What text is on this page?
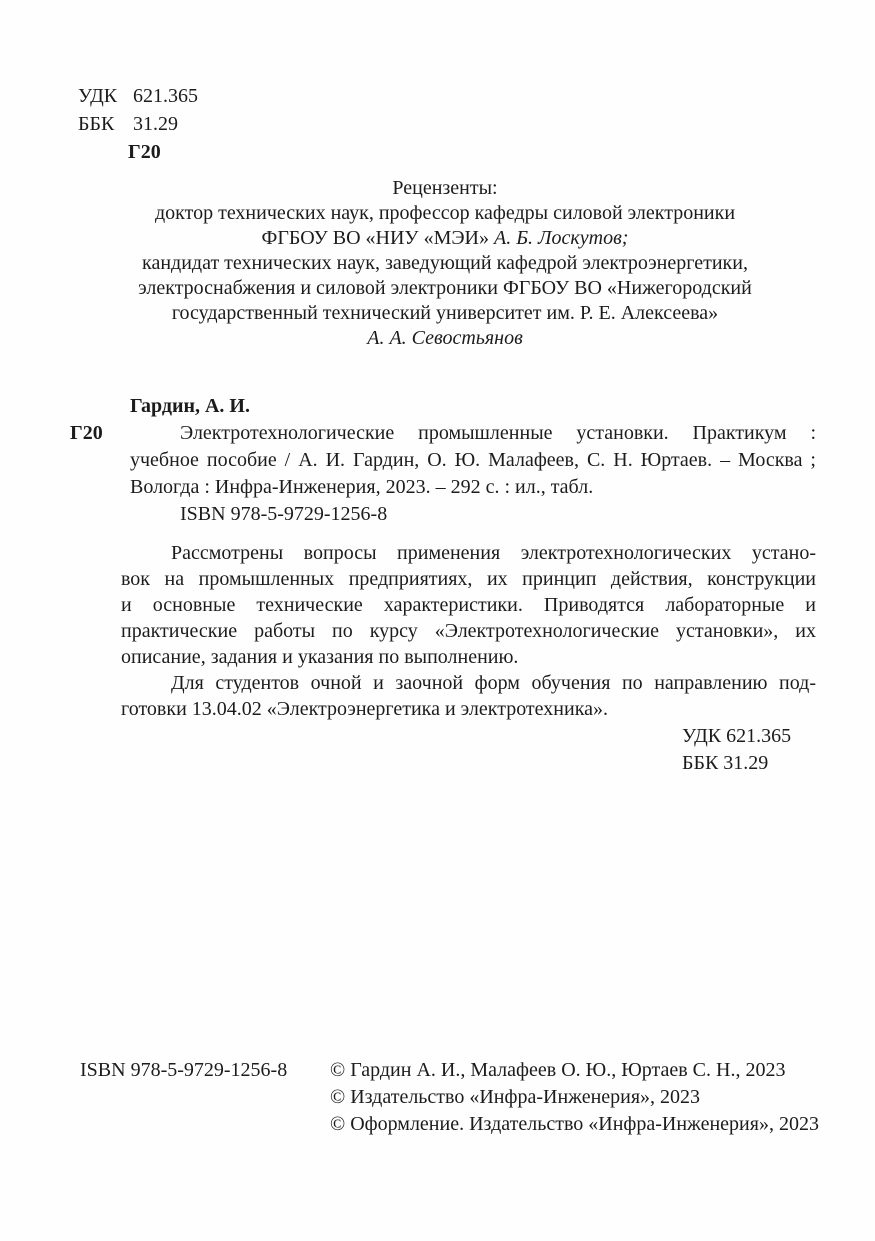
УДК 621.365
ББК 31.29
Г20
Рецензенты:
доктор технических наук, профессор кафедры силовой электроники
ФГБОУ ВО «НИУ «МЭИ» А. Б. Лоскутов;
кандидат технических наук, заведующий кафедрой электроэнергетики,
электроснабжения и силовой электроники ФГБОУ ВО «Нижегородский
государственный технический университет им. Р. Е. Алексеева»
А. А. Севостьянов
Г20
Гардин, А. И.
Электротехнологические промышленные установки. Практикум :
учебное пособие / А. И. Гардин, О. Ю. Малафеев, С. Н. Юртаев. – Москва ;
Вологда : Инфра-Инженерия, 2023. – 292 с. : ил., табл.
ISBN 978-5-9729-1256-8
Рассмотрены вопросы применения электротехнологических устано-
вок на промышленных предприятиях, их принцип действия, конструкции
и основные технические характеристики. Приводятся лабораторные и
практические работы по курсу «Электротехнологические установки», их
описание, задания и указания по выполнению.
Для студентов очной и заочной форм обучения по направлению под-
готовки 13.04.02 «Электроэнергетика и электротехника».
УДК 621.365
ББК 31.29
ISBN 978-5-9729-1256-8 © Гардин А. И., Малафеев О. Ю., Юртаев С. Н., 2023
© Издательство «Инфра-Инженерия», 2023
© Оформление. Издательство «Инфра-Инженерия», 2023
